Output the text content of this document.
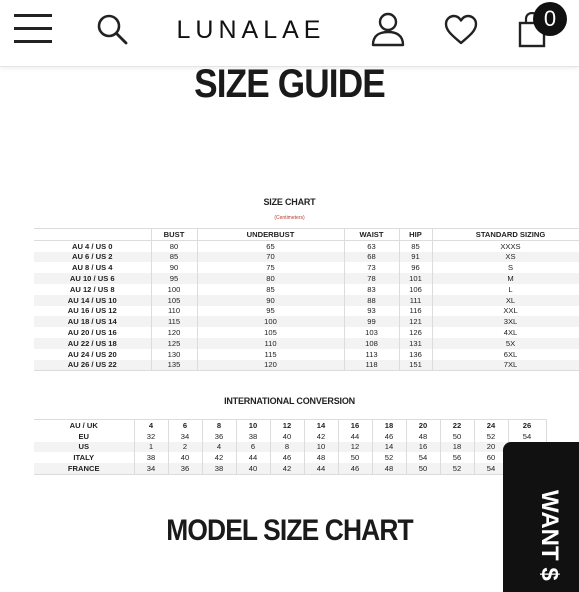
LUNALAE	0
SIZE GUIDE
SIZE CHART
(Centimeters)
	BUST	UNDERBUST	WAIST	HIP	STANDARD SIZING
AU 4 / US 0	80	65	63	85	XXXS
AU 6 / US 2	85	70	68	91	XS
AU 8 / US 4	90	75	73	96	S
AU 10 / US 6	95	80	78	101	M
AU 12 / US 8	100	85	83	106	L
AU 14 / US 10	105	90	88	111	XL
AU 16 / US 12	110	95	93	116	XXL
AU 18 / US 14	115	100	99	121	3XL
AU 20 / US 16	120	105	103	126	4XL
AU 22 / US 18	125	110	108	131	5X
AU 24 / US 20	130	115	113	136	6XL
AU 26 / US 22	135	120	118	151	7XL
INTERNATIONAL CONVERSION
AU / UK	4	6	8	10	12	14	16	18	20	22	24	26
EU	32	34	36	38	40	42	44	46	48	50	52	54
US	1	2	4	6	8	10	12	14	16	18	20	
ITALY	38	40	42	44	46	48	50	52	54	56	60	
FRANCE	34	36	38	40	42	44	46	48	50	52	54	
MODEL SIZE CHART	WANT $
